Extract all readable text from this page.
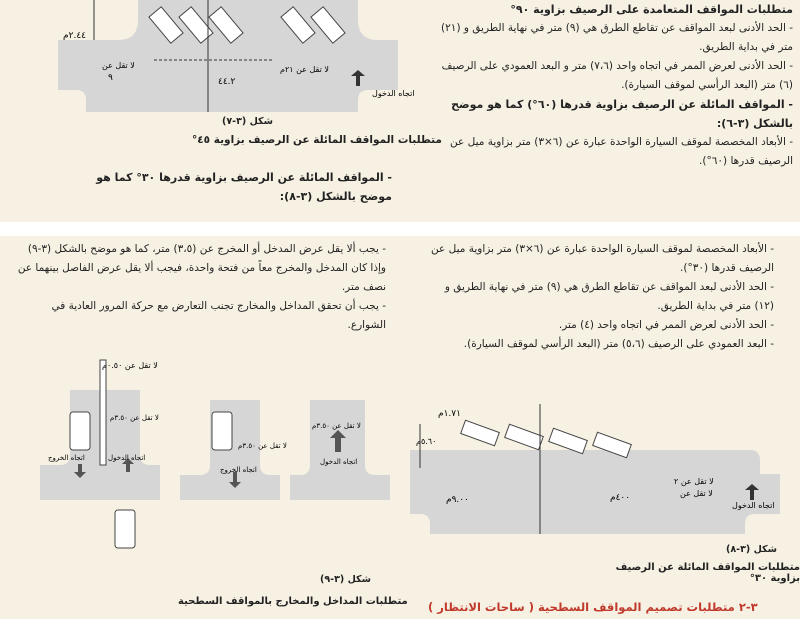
٢.٤٤م
لا تقل عن
٩	٤٤.٢
لا تقل عن ٢١م
اتجاه الدخول
شكل (٣-٧)
متطلبات المواقف المائلة عن الرصيف بزاوية ٤٥°
- المواقف المائلة عن الرصيف بزاوية قدرها ٣٠° كما هو موضح بالشكل (٣-٨):

متطلبات المواقف المتعامدة على الرصيف بزاوية ٩٠°

- الحد الأدنى لبعد المواقف عن تقاطع الطرق هي (٩) متر في نهاية الطريق و (٢١) متر في بداية الطريق.

- الحد الأدنى لعرض الممر في اتجاه واحد (٧،٦) متر و البعد العمودي على الرصيف (٦) متر (البعد الرأسي لموقف السيارة).

- المواقف المائلة عن الرصيف بزاوية قدرها (٦٠°) كما هو موضح بالشكل (٣-٦):

- الأبعاد المخصصة لموقف السيارة الواحدة عبارة عن (٦×٣) متر بزاوية ميل عن الرصيف قدرها (٦٠°).

- يجب ألا يقل عرض المدخل أو المخرج عن (٣،٥) متر، كما هو موضح بالشكل (٣-٩) وإذا كان المدخل والمخرج معاً من فتحة واحدة، فيجب ألا يقل عرض الفاصل بينهما عن نصف متر.

- يجب أن تحقق المداخل والمخارج تجنب التعارض مع حركة المرور العادية في الشوارع.

لا تقل عن ٠.٥٠م
لا تقل عن ٣.٥٠م
اتجاه الخروج	اتجاه الدخول
لا تقل عن ٣.٥٠م
اتجاه الخروج
لا تقل عن ٣.٥٠م
اتجاه الدخول
شكل (٣-٩)
متطلبات المداخل والمخارج بالمواقف السطحية

- الأبعاد المخصصة لموقف السيارة الواحدة عبارة عن (٦×٣) متر بزاوية ميل عن الرصيف قدرها (٣٠°).

- الحد الأدنى لبعد المواقف عن تقاطع الطرق هي (٩) متر في نهاية الطريق و (١٢) متر في بداية الطريق.

- الحد الأدنى لعرض الممر في اتجاه واحد (٤) متر.

- البعد العمودي على الرصيف (٥،٦) متر (البعد الرأسي لموقف السيارة).

١.٧١م
٥.٦٠م
٤٠٠م
٩.٠٠م
لا تقل عن ٢
لا تقل عن
اتجاه الدخول
شكل (٣-٨)
متطلبات المواقف المائلة عن الرصيف بزاوية ٣٠°
٣-٢ متطلبات تصميم المواقف السطحية ( ساحات الانتظار )
